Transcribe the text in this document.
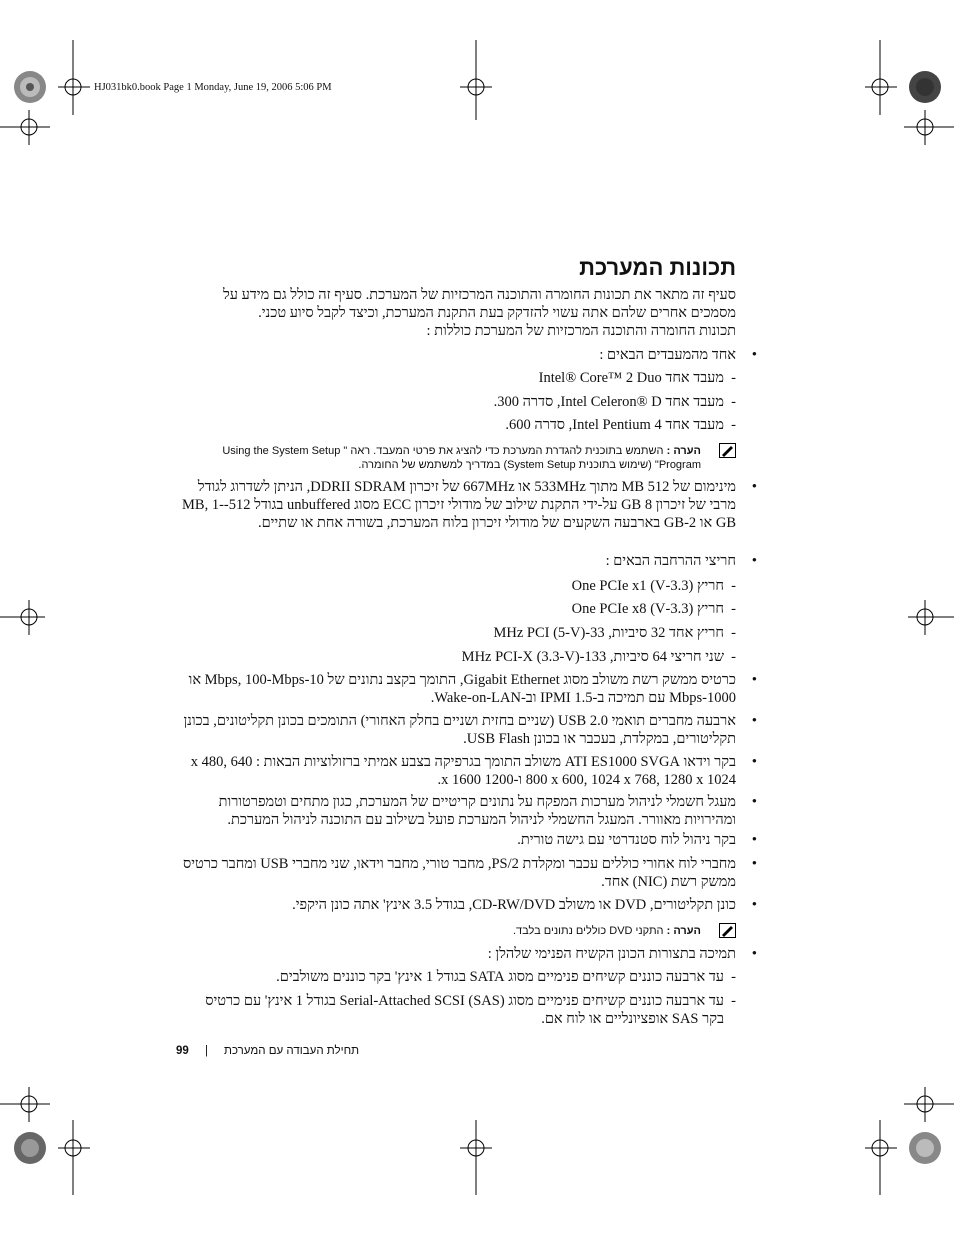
HJ031bk0.book Page 1 Monday, June 19, 2006 5:06 PM
תכונות המערכת

סעיף זה מתאר את תכונות החומרה והתוכנה המרכזיות של המערכת. סעיף זה כולל גם מידע על מסמכים אחרים שלהם אתה עשוי להזדקק בעת התקנת המערכת, וכיצד לקבל סיוע טכני.

תכונות החומרה והתוכנה המרכזיות של המערכת כוללות :

• אחד מהמעבדים הבאים :
- מעבד אחד Intel® Core™ 2 Duo
- מעבד אחד Intel Celeron® D, סדרה 300.
- מעבד אחד Intel Pentium 4, סדרה 600.
הערה : השתמש בתוכנית להגדרת המערכת כדי להציג את פרטי המעבד. ראה " Using the System Setup Program" (שימוש בתוכנית System Setup) במדריך למשתמש של החומרה.
• מינימום של 512 MB מתוך 533MHz או 667MHz של זיכרון DDRII SDRAM, הניתן לשדרוג לגודל מרבי של זיכרון 8 GB על-ידי התקנת שילוב של מודולי זיכרון ECC מסוג unbuffered בגודל 512-MB, 1-GB או 2-GB בארבעה השקעים של מודולי זיכרון בלוח המערכת, בשורה אחת או שתיים.
• חריצי ההרחבה הבאים :
- חריץ (3.3-V) One PCIe x1
- חריץ (3.3-V) One PCIe x8
- חריץ אחד 32 סיביות, 33-MHz PCI (5-V)
- שני חריצי 64 סיביות, 133-MHz PCI-X (3.3-V)
• כרטיס ממשק רשת משולב מסוג Gigabit Ethernet, התומך בקצב נתונים של 10-Mbps, 100-Mbps או 1000-Mbps עם תמיכה ב-IPMI 1.5 וב-Wake-on-LAN.
• ארבעה מחברים תואמי USB 2.0 (שניים בחזית ושניים בחלק האחורי) התומכים בכונן תקליטונים, בכונן תקליטורים, במקלדת, בעכבר או בכונן USB Flash.
• בקר וידאו ATI ES1000 SVGA משולב התומך בגרפיקה בצבע אמיתי ברזולוציות הבאות : 640 x 480, 800 x 600, 1024 x 768, 1280 x 1024 ו-1200 x 1600.
• מעגל חשמלי לניהול מערכות המפקח על נתונים קריטיים של המערכת, כגון מתחים וטמפרטורות ומהירויות מאוורר. המעגל החשמלי לניהול המערכת פועל בשילוב עם התוכנה לניהול המערכת.
• בקר ניהול לוח סטנדרטי עם גישה טורית.
• מחברי לוח אחורי כוללים עכבר ומקלדת PS/2, מחבר טורי, מחבר וידאו, שני מחברי USB ומחבר כרטיס ממשק רשת (NIC) אחד.
• כונן תקליטורים, DVD או משולב CD-RW/DVD, בגודל 3.5 אינץ' אתה כונן היקפי.
הערה : התקני DVD כוללים נתונים בלבד.
• תמיכה בתצורות הכונן הקשיח הפנימי שלהלן :
- עד ארבעה כוננים קשיחים פנימיים מסוג SATA בגודל 1 אינץ' בקר כוננים משולבים.
- עד ארבעה כוננים קשיחים פנימיים מסוג Serial-Attached SCSI (SAS) בגודל 1 אינץ' עם כרטיס בקר SAS אופציונליים או לוח אם.
99 | תחילת העבודה עם המערכת
